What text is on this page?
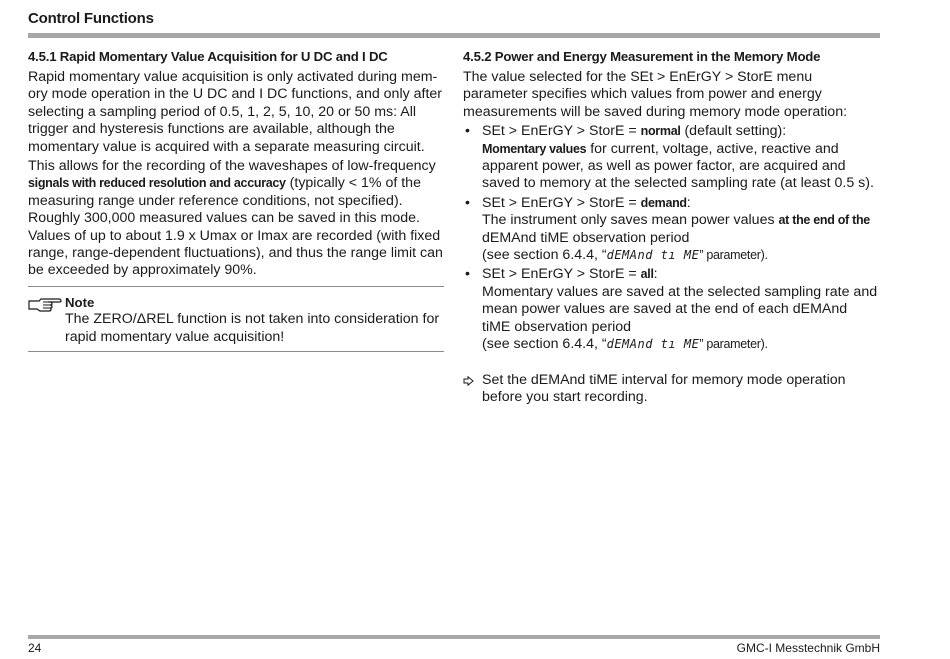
Control Functions
4.5.1 Rapid Momentary Value Acquisition for U DC and I DC

Rapid momentary value acquisition is only activated during mem-ory mode operation in the U DC and I DC functions, and only after selecting a sampling period of 0.5, 1, 2, 5, 10, 20 or 50 ms: All trigger and hysteresis functions are available, although the momentary value is acquired with a separate measuring circuit.

This allows for the recording of the waveshapes of low-frequency signals with reduced resolution and accuracy (typically < 1% of the measuring range under reference conditions, not specified). Roughly 300,000 measured values can be saved in this mode. Values of up to about 1.9 x Umax or Imax are recorded (with fixed range, range-dependent fluctuations), and thus the range limit can be exceeded by approximately 90%.

Note
The ZERO/ΔREL function is not taken into consideration for rapid momentary value acquisition!
4.5.2 Power and Energy Measurement in the Memory Mode

The value selected for the SEt > EnErGY > StorE menu parameter specifies which values from power and energy measurements will be saved during memory mode operation:

• SEt > EnErGY > StorE = normal (default setting):
Momentary values for current, voltage, active, reactive and apparent power, as well as power factor, are acquired and saved to memory at the selected sampling rate (at least 0.5 s).
• SEt > EnErGY > StorE = demand:
The instrument only saves mean power values at the end of the dEMAnd tiME observation period
(see section 6.4.4, “dEMAnd tı ME” parameter).
• SEt > EnErGY > StorE = all:
Momentary values are saved at the selected sampling rate and mean power values are saved at the end of each dEMAnd tiME observation period
(see section 6.4.4, “dEMAnd tı ME” parameter).
Set the dEMAnd tiME interval for memory mode operation before you start recording.
24	GMC-I Messtechnik GmbH
